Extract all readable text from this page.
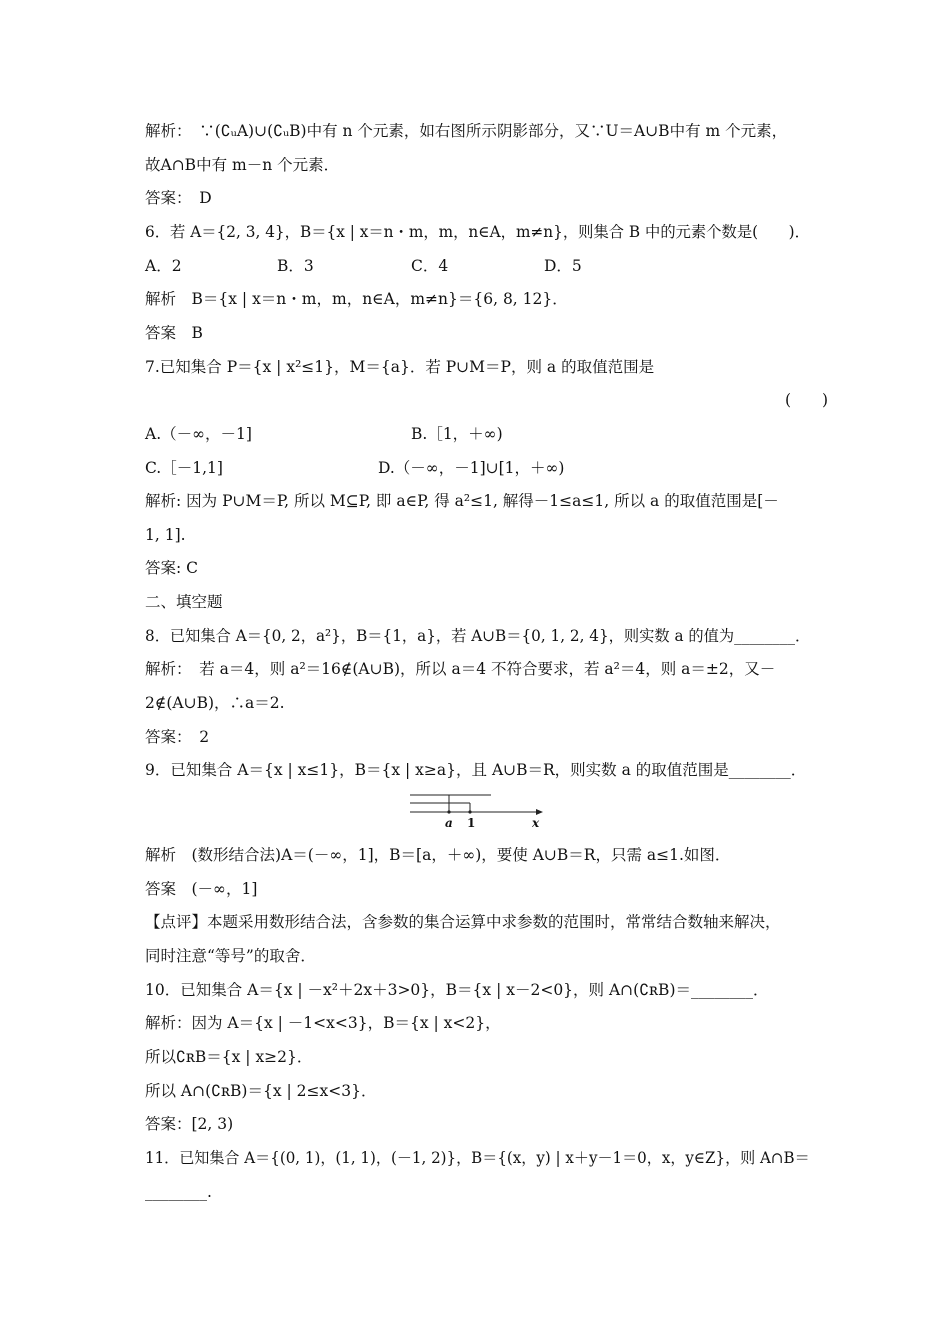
解析：　∵(∁ᵤA)∪(∁ᵤB)中有 n 个元素，如右图所示阴影部分，又∵U＝A∪B中有 m 个元素，
故A∩B中有 m－n 个元素．
答案：　D
6．若 A＝{2, 3, 4}，B＝{x | x＝n・m，m，n∈A，m≠n}，则集合 B 中的元素个数是(　　)．
A．2	B．3	C．4	D．5
解析　B＝{x | x＝n・m，m，n∈A，m≠n}＝{6, 8, 12}．
答案　B
7.已知集合 P＝{x | x²≤1}，M＝{a}．若 P∪M＝P，则 a 的取值范围是
(　　)
A.（－∞，－1]	B.［1，＋∞)
C.［－1,1]	D.（－∞，－1]∪[1，＋∞)
解析: 因为 P∪M＝P, 所以 M⊆P, 即 a∈P, 得 a²≤1, 解得－1≤a≤1, 所以 a 的取值范围是[－
1, 1].
答案: C
二、填空题
8．已知集合 A＝{0, 2，a²}，B＝{1，a}，若 A∪B＝{0, 1, 2, 4}，则实数 a 的值为________．
解析：　若 a＝4，则 a²＝16∉(A∪B)，所以 a＝4 不符合要求，若 a²＝4，则 a＝±2，又－
2∉(A∪B)，∴a＝2.
答案：　2
9．已知集合 A＝{x | x≤1}，B＝{x | x≥a}，且 A∪B＝R，则实数 a 的取值范围是________．
a 1	x
解析　(数形结合法)A＝(－∞，1]，B＝[a，＋∞)，要使 A∪B＝R，只需 a≤1.如图．
答案　(－∞，1]
【点评】本题采用数形结合法，含参数的集合运算中求参数的范围时，常常结合数轴来解决，
同时注意“等号”的取舍．
10．已知集合 A＝{x | －x²＋2x＋3>0}，B＝{x | x－2<0}，则 A∩(∁ʀB)＝________．
解析：因为 A＝{x | －1<x<3}，B＝{x | x<2}，
所以∁ʀB＝{x | x≥2}．
所以 A∩(∁ʀB)＝{x | 2≤x<3}．
答案：[2, 3)
11．已知集合 A＝{(0, 1)，(1, 1)，(－1, 2)}，B＝{(x，y) | x＋y－1＝0，x，y∈Z}，则 A∩B＝
________.
